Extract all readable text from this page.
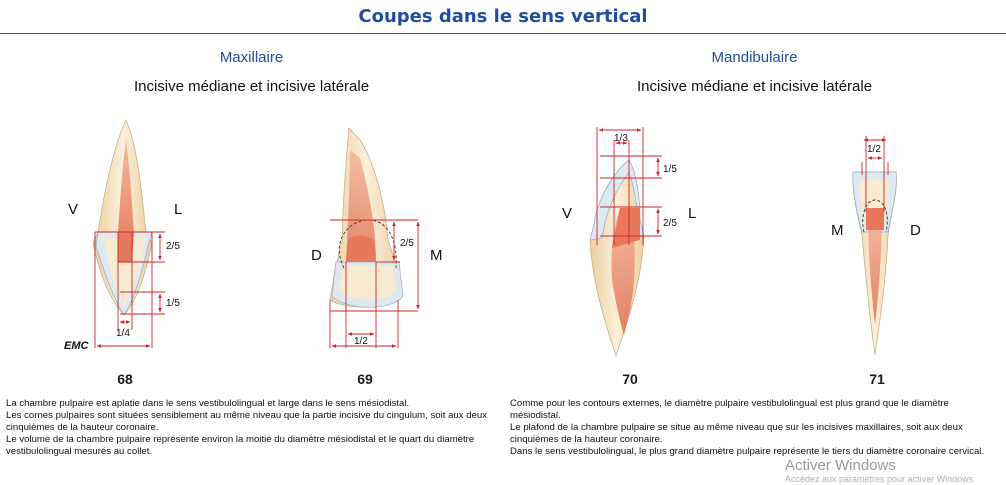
Coupes dans le sens vertical
Maxillaire
Incisive médiane et incisive latérale
Mandibulaire
Incisive médiane et incisive latérale
V	L
2/5
1/5
1/4
EMC
D	M
2/5
1/2
V	L
1/3
1/5
2/5	M	D
1/2
68	69	70	71

La chambre pulpaire est aplatie dans le sens vestibulolingual et large dans le sens mésiodistal.

Les cornes pulpaires sont situées sensiblement au même niveau que la partie incisive du cingulum, soit aux deux cinquièmes de la hauteur coronaire.

Le volume de la chambre pulpaire représente environ la moitié du diamètre mésiodistal et le quart du diamètre vestibulolingual mesurés au collet.

Comme pour les contours externes, le diamètre pulpaire vestibulolingual est plus grand que le diamètre mésiodistal.

Le plafond de la chambre pulpaire se situe au même niveau que sur les incisives maxillaires, soit aux deux cinquièmes de la hauteur coronaire.

Dans le sens vestibulolingual, le plus grand diamètre pulpaire représente le tiers du diamètre coronaire cervical.

Activer Windows
Accédez aux paramètres pour activer Windows
